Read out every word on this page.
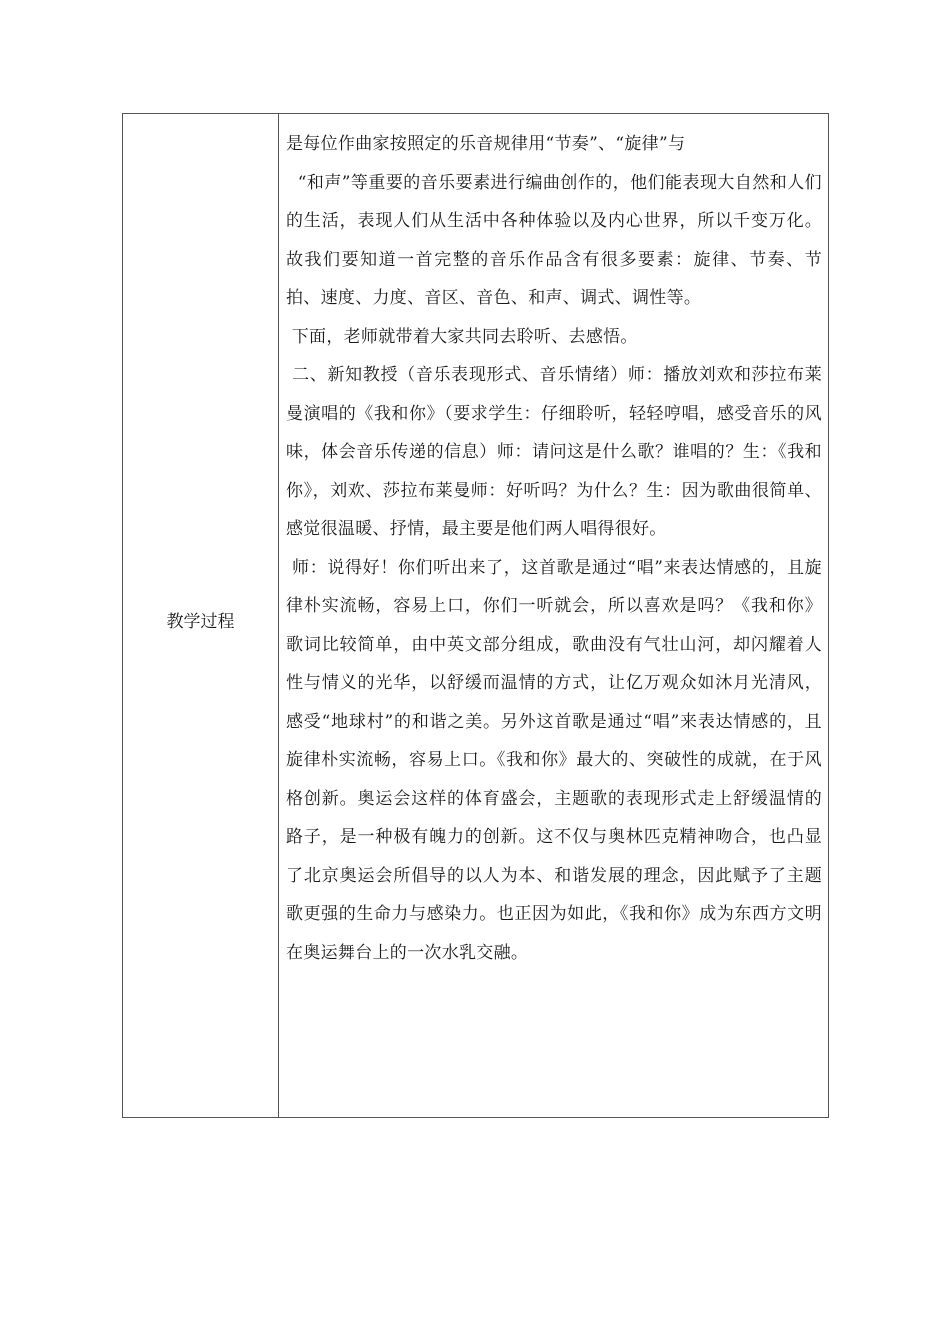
教学过程

是每位作曲家按照定的乐音规律用“节奏”、“旋律”与

“和声”等重要的音乐要素进行编曲创作的，他们能表现大自然和人们的生活，表现人们从生活中各种体验以及内心世界，所以千变万化。故我们要知道一首完整的音乐作品含有很多要素：旋律、节奏、节拍、速度、力度、音区、音色、和声、调式、调性等。

下面，老师就带着大家共同去聆听、去感悟。

二、新知教授（音乐表现形式、音乐情绪）师：播放刘欢和莎拉布莱曼演唱的《我和你》（要求学生：仔细聆听，轻轻哼唱，感受音乐的风味，体会音乐传递的信息）师：请问这是什么歌？谁唱的？生：《我和你》，刘欢、莎拉布莱曼师：好听吗？为什么？生：因为歌曲很简单、感觉很温暖、抒情，最主要是他们两人唱得很好。

师：说得好！你们听出来了，这首歌是通过“唱”来表达情感的，且旋律朴实流畅，容易上口，你们一听就会，所以喜欢是吗？《我和你》歌词比较简单，由中英文部分组成，歌曲没有气壮山河，却闪耀着人性与情义的光华，以舒缓而温情的方式，让亿万观众如沐月光清风，感受“地球村”的和谐之美。另外这首歌是通过“唱”来表达情感的，且旋律朴实流畅，容易上口。《我和你》最大的、突破性的成就，在于风格创新。奥运会这样的体育盛会，主题歌的表现形式走上舒缓温情的路子，是一种极有魄力的创新。这不仅与奥林匹克精神吻合，也凸显了北京奥运会所倡导的以人为本、和谐发展的理念，因此赋予了主题歌更强的生命力与感染力。也正因为如此，《我和你》成为东西方文明在奥运舞台上的一次水乳交融。
